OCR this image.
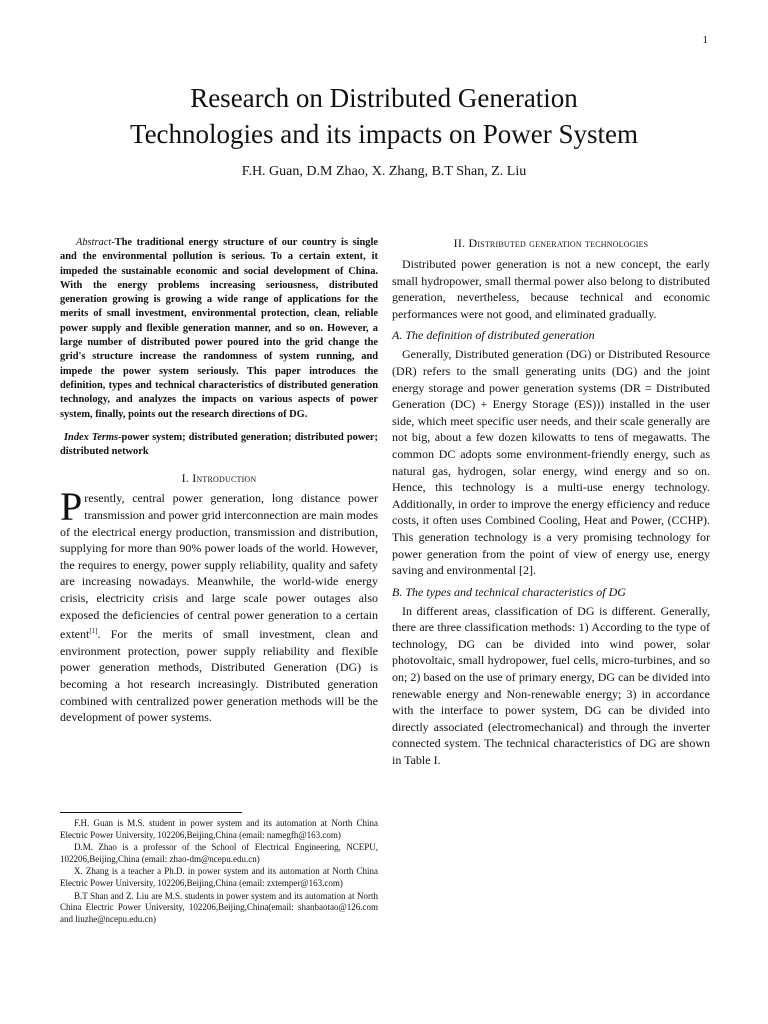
1
Research on Distributed Generation
Technologies and its impacts on Power System
F.H. Guan, D.M Zhao, X. Zhang, B.T Shan, Z. Liu

Abstract-The traditional energy structure of our country is single and the environmental pollution is serious. To a certain extent, it impeded the sustainable economic and social development of China. With the energy problems increasing seriousness, distributed generation growing is growing a wide range of applications for the merits of small investment, environmental protection, clean, reliable power supply and flexible generation manner, and so on. However, a large number of distributed power poured into the grid change the grid's structure increase the randomness of system running, and impede the power system seriously. This paper introduces the definition, types and technical characteristics of distributed generation technology, and analyzes the impacts on various aspects of power system, finally, points out the research directions of DG.

Index Terms-power system; distributed generation; distributed power; distributed network

I. Introduction

Presently, central power generation, long distance power transmission and power grid interconnection are main modes of the electrical energy production, transmission and distribution, supplying for more than 90% power loads of the world. However, the requires to energy, power supply reliability, quality and safety are increasing nowadays. Meanwhile, the world-wide energy crisis, electricity crisis and large scale power outages also exposed the deficiencies of central power generation to a certain extent[1]. For the merits of small investment, clean and environment protection, power supply reliability and flexible power generation methods, Distributed Generation (DG) is becoming a hot research increasingly. Distributed generation combined with centralized power generation methods will be the development of power systems.

II. Distributed generation technologies

Distributed power generation is not a new concept, the early small hydropower, small thermal power also belong to distributed generation, nevertheless, because technical and economic performances were not good, and eliminated gradually.

A. The definition of distributed generation

Generally, Distributed generation (DG) or Distributed Resource (DR) refers to the small generating units (DG) and the joint energy storage and power generation systems (DR = Distributed Generation (DC) + Energy Storage (ES))) installed in the user side, which meet specific user needs, and their scale generally are not big, about a few dozen kilowatts to tens of megawatts. The common DC adopts some environment-friendly energy, such as natural gas, hydrogen, solar energy, wind energy and so on. Hence, this technology is a multi-use energy technology. Additionally, in order to improve the energy efficiency and reduce costs, it often uses Combined Cooling, Heat and Power, (CCHP). This generation technology is a very promising technology for power generation from the point of view of energy use, energy saving and environmental [2].

B. The types and technical characteristics of DG

In different areas, classification of DG is different. Generally, there are three classification methods: 1) According to the type of technology, DG can be divided into wind power, solar photovoltaic, small hydropower, fuel cells, micro-turbines, and so on; 2) based on the use of primary energy, DG can be divided into renewable energy and Non-renewable energy; 3) in accordance with the interface to power system, DG can be divided into directly associated (electromechanical) and through the inverter connected system. The technical characteristics of DG are shown in Table I.

F.H. Guan is M.S. student in power system and its automation at North China Electric Power University, 102206,Beijing,China (email: namegfh@163.com)

D.M. Zhao is a professor of the School of Electrical Engineering, NCEPU, 102206,Beijing,China (email: zhao-dm@ncepu.edu.cn)

X. Zhang is a teacher a Ph.D. in power system and its automation at North China Electric Power University, 102206,Beijing,China (email: zxtemper@163.com)

B.T Shan and Z. Liu are M.S. students in power system and its automation at North China Electric Power University, 102206,Beijing,China(email: shanbaotao@126.com and liuzhe@ncepu.edu.cn)
